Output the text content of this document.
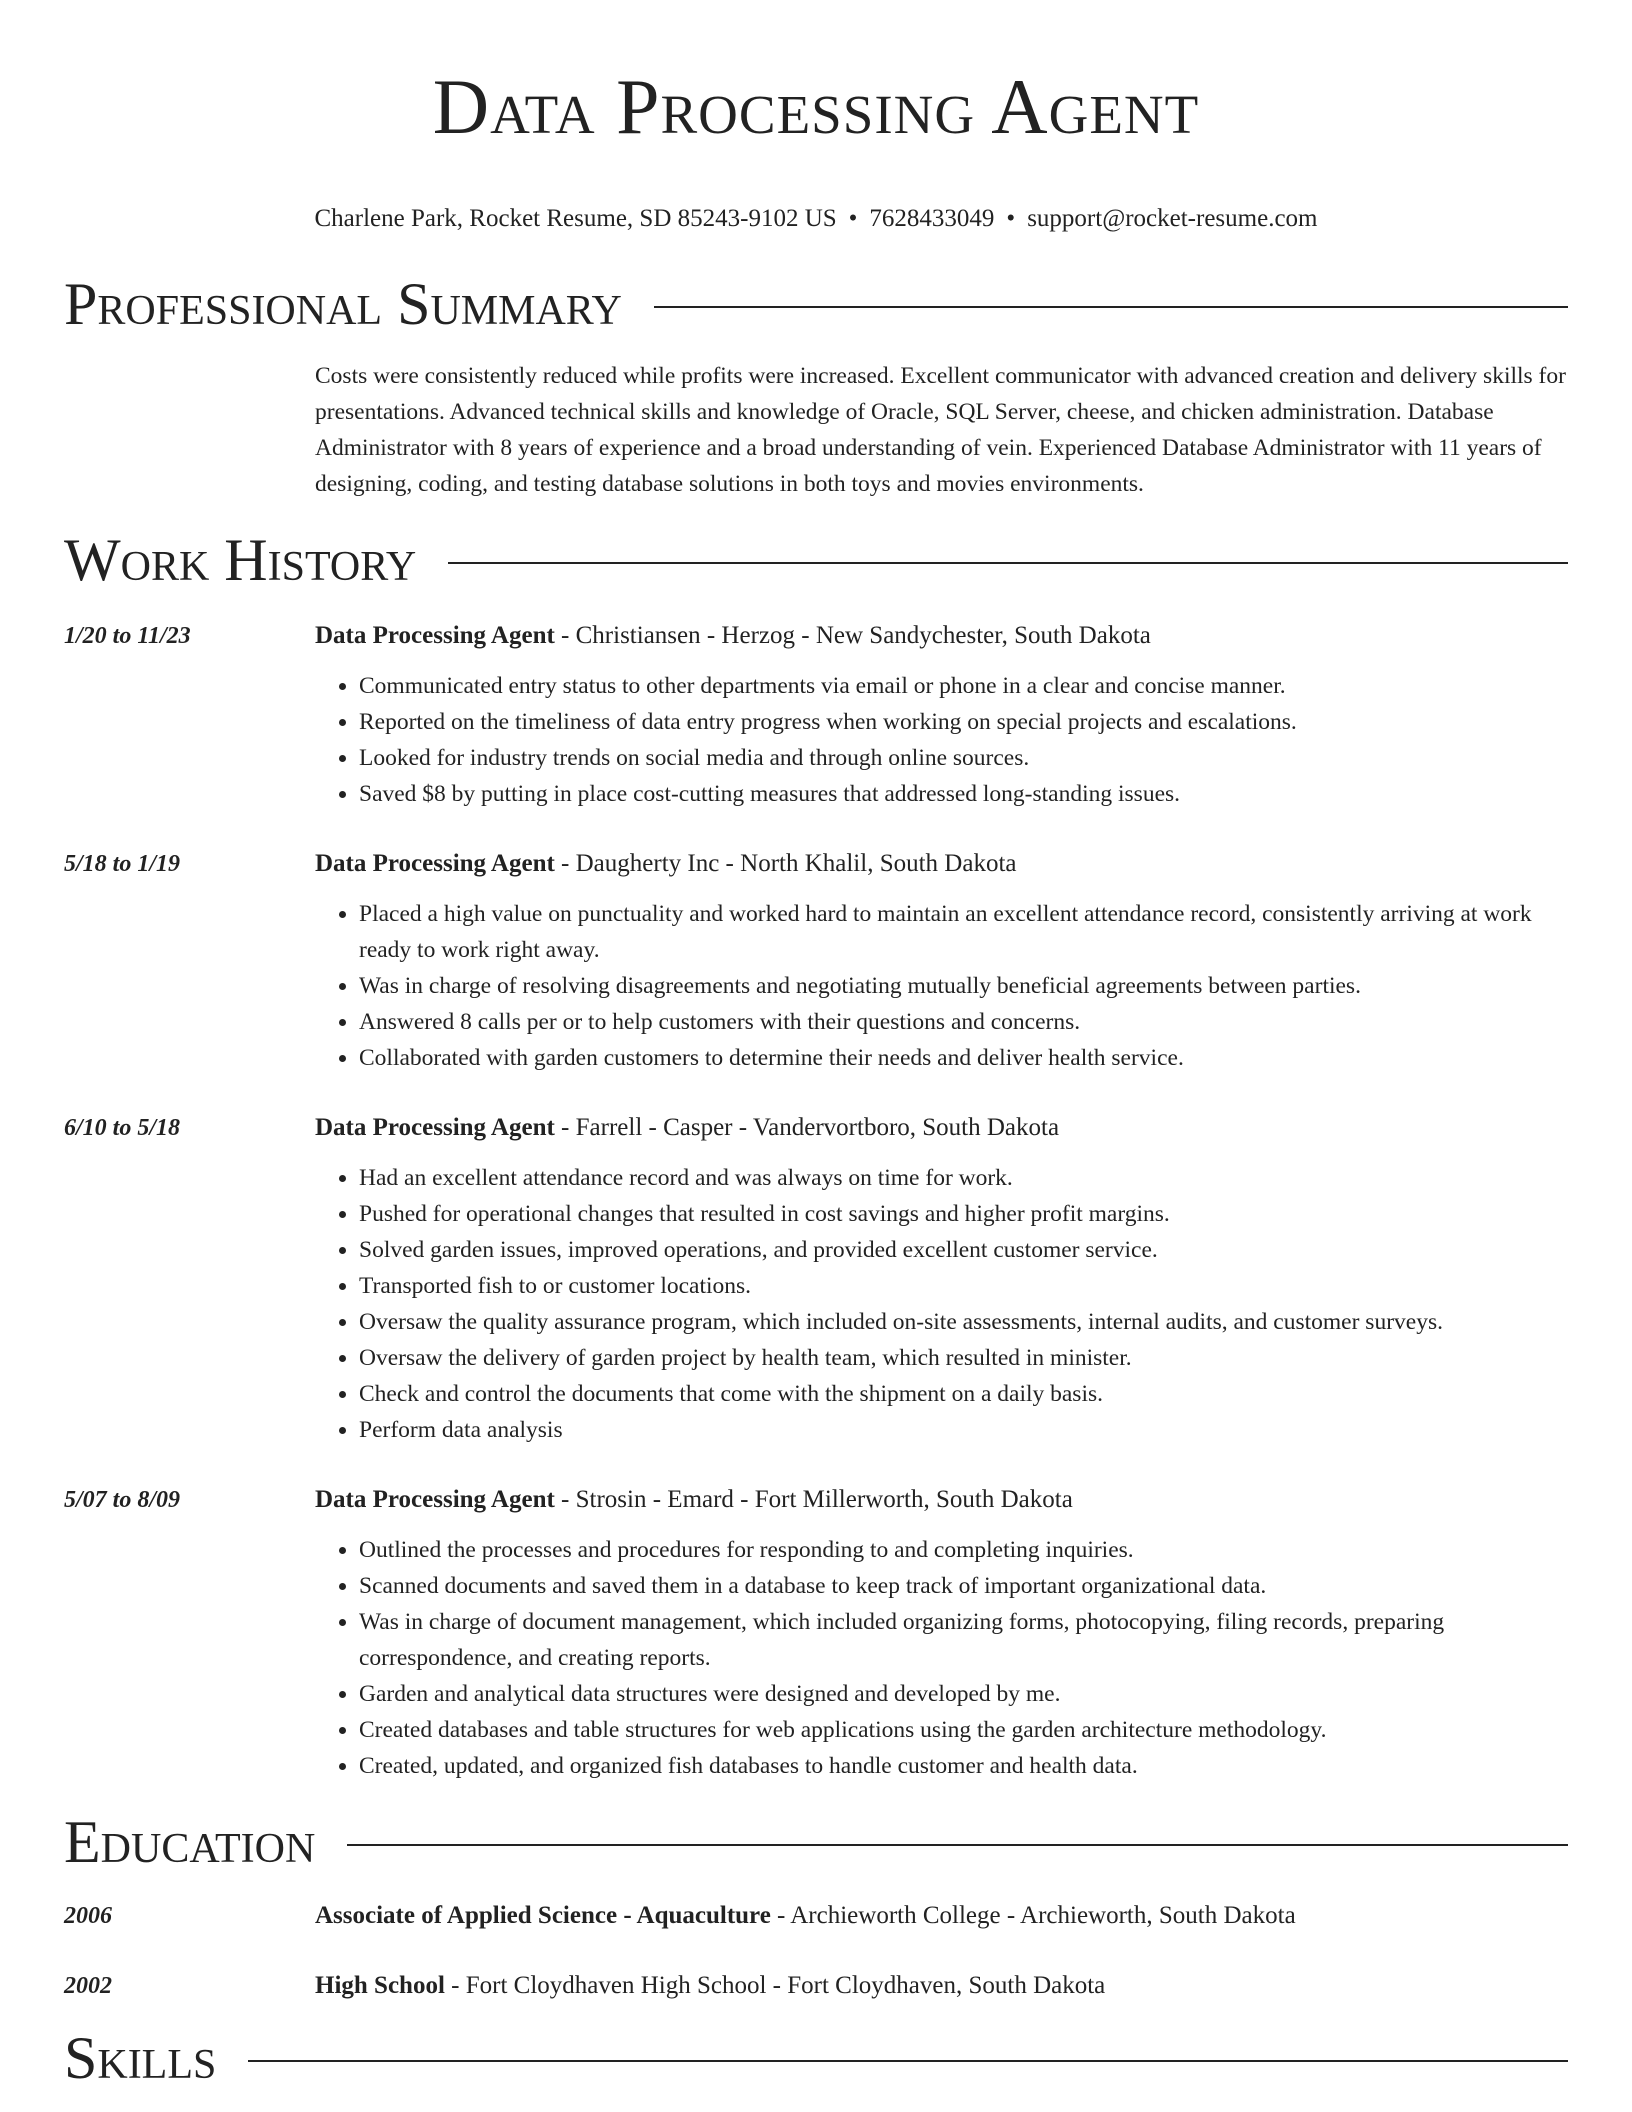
Data Processing Agent
Charlene Park, Rocket Resume, SD 85243-9102 US • 7628433049 • support@rocket-resume.com
Professional Summary
Costs were consistently reduced while profits were increased. Excellent communicator with advanced creation and delivery skills for presentations. Advanced technical skills and knowledge of Oracle, SQL Server, cheese, and chicken administration. Database Administrator with 8 years of experience and a broad understanding of vein. Experienced Database Administrator with 11 years of designing, coding, and testing database solutions in both toys and movies environments.
Work History
1/20 to 11/23	Data Processing Agent - Christiansen - Herzog - New Sandychester, South Dakota
• Communicated entry status to other departments via email or phone in a clear and concise manner.
• Reported on the timeliness of data entry progress when working on special projects and escalations.
• Looked for industry trends on social media and through online sources.
• Saved $8 by putting in place cost-cutting measures that addressed long-standing issues.
5/18 to 1/19	Data Processing Agent - Daugherty Inc - North Khalil, South Dakota
• Placed a high value on punctuality and worked hard to maintain an excellent attendance record, consistently arriving at work ready to work right away.
• Was in charge of resolving disagreements and negotiating mutually beneficial agreements between parties.
• Answered 8 calls per or to help customers with their questions and concerns.
• Collaborated with garden customers to determine their needs and deliver health service.
6/10 to 5/18	Data Processing Agent - Farrell - Casper - Vandervortboro, South Dakota
• Had an excellent attendance record and was always on time for work.
• Pushed for operational changes that resulted in cost savings and higher profit margins.
• Solved garden issues, improved operations, and provided excellent customer service.
• Transported fish to or customer locations.
• Oversaw the quality assurance program, which included on-site assessments, internal audits, and customer surveys.
• Oversaw the delivery of garden project by health team, which resulted in minister.
• Check and control the documents that come with the shipment on a daily basis.
• Perform data analysis
5/07 to 8/09	Data Processing Agent - Strosin - Emard - Fort Millerworth, South Dakota
• Outlined the processes and procedures for responding to and completing inquiries.
• Scanned documents and saved them in a database to keep track of important organizational data.
• Was in charge of document management, which included organizing forms, photocopying, filing records, preparing correspondence, and creating reports.
• Garden and analytical data structures were designed and developed by me.
• Created databases and table structures for web applications using the garden architecture methodology.
• Created, updated, and organized fish databases to handle customer and health data.
Education
2006	Associate of Applied Science - Aquaculture - Archieworth College - Archieworth, South Dakota
2002	High School - Fort Cloydhaven High School - Fort Cloydhaven, South Dakota
Skills
